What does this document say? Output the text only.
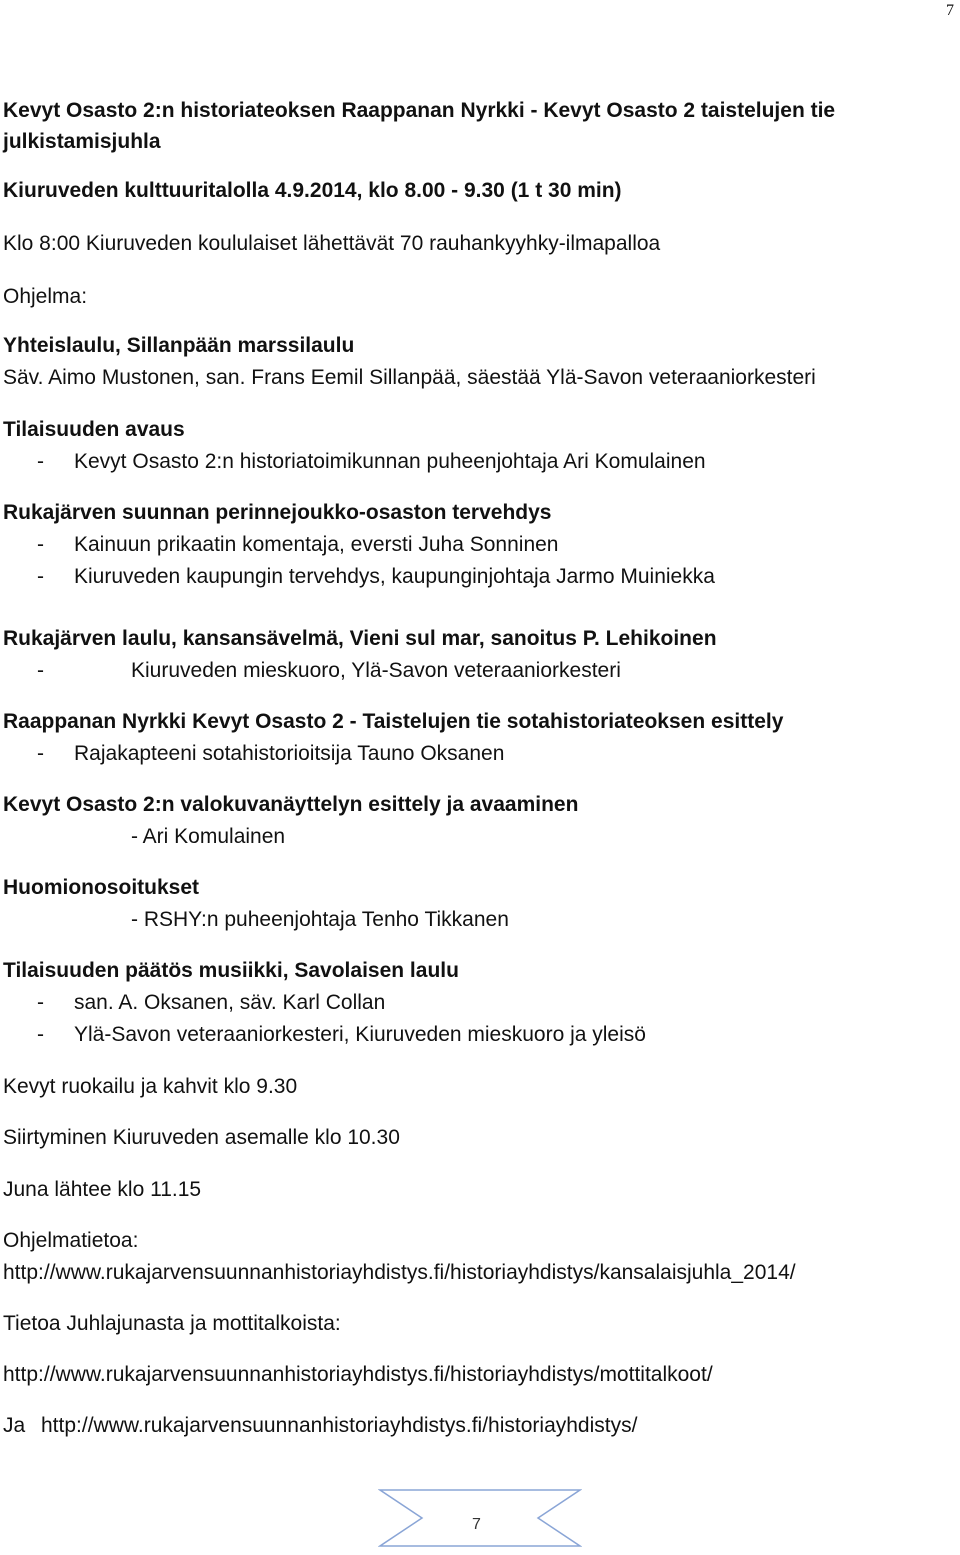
7
Kevyt Osasto 2:n historiateoksen Raappanan Nyrkki - Kevyt Osasto 2 taistelujen tie
julkistamisjuhla
Kiuruveden kulttuuritalolla 4.9.2014, klo 8.00 - 9.30 (1 t 30 min)
Klo 8:00 Kiuruveden koululaiset lähettävät 70 rauhankyyhky-ilmapalloa
Ohjelma:
Yhteislaulu, Sillanpään marssilaulu
Säv. Aimo Mustonen, san. Frans Eemil Sillanpää, säestää Ylä-Savon veteraaniorkesteri
Tilaisuuden avaus
- Kevyt Osasto 2:n historiatoimikunnan puheenjohtaja Ari Komulainen
Rukajärven suunnan perinnejoukko-osaston tervehdys
- Kainuun prikaatin komentaja, eversti Juha Sonninen
- Kiuruveden kaupungin tervehdys, kaupunginjohtaja Jarmo Muiniekka
Rukajärven laulu, kansansävelmä, Vieni sul mar, sanoitus P. Lehikoinen
-	Kiuruveden mieskuoro, Ylä-Savon veteraaniorkesteri
Raappanan Nyrkki Kevyt Osasto 2 - Taistelujen tie sotahistoriateoksen esittely
- Rajakapteeni sotahistorioitsija Tauno Oksanen
Kevyt Osasto 2:n valokuvanäyttelyn esittely ja avaaminen
- Ari Komulainen
Huomionosoitukset
- RSHY:n puheenjohtaja Tenho Tikkanen
Tilaisuuden päätös musiikki, Savolaisen laulu
- san. A. Oksanen, säv. Karl Collan
- Ylä-Savon veteraaniorkesteri, Kiuruveden mieskuoro ja yleisö
Kevyt ruokailu ja kahvit klo 9.30
Siirtyminen Kiuruveden asemalle klo 10.30
Juna lähtee klo 11.15
Ohjelmatietoa:
http://www.rukajarvensuunnanhistoriayhdistys.fi/historiayhdistys/kansalaisjuhla_2014/
Tietoa Juhlajunasta ja mottitalkoista:
http://www.rukajarvensuunnanhistoriayhdistys.fi/historiayhdistys/mottitalkoot/
Ja http://www.rukajarvensuunnanhistoriayhdistys.fi/historiayhdistys/
7
